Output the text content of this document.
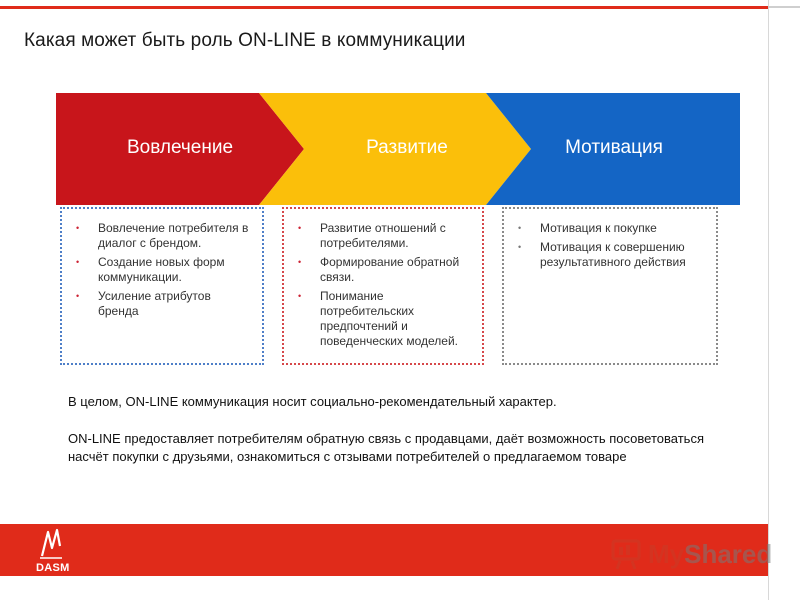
Какая может быть роль ON-LINE в коммуникации
Вовлечение	Развитие	Мотивация
• Вовлечение потребителя в диалог с брендом.
• Создание новых форм коммуникации.
• Усиление атрибутов бренда
• Развитие отношений с потребителями.
• Формирование обратной связи.
• Понимание потребительских предпочтений и поведенческих моделей.
• Мотивация к покупке
• Мотивация к совершению результативного действия
В целом, ON-LINE коммуникация носит социально-рекомендательный характер.
ON-LINE предоставляет потребителям обратную связь с продавцами, даёт возможность посоветоваться насчёт покупки с друзьями, ознакомиться с отзывами потребителей о предлагаемом товаре
DASM	MyShared
